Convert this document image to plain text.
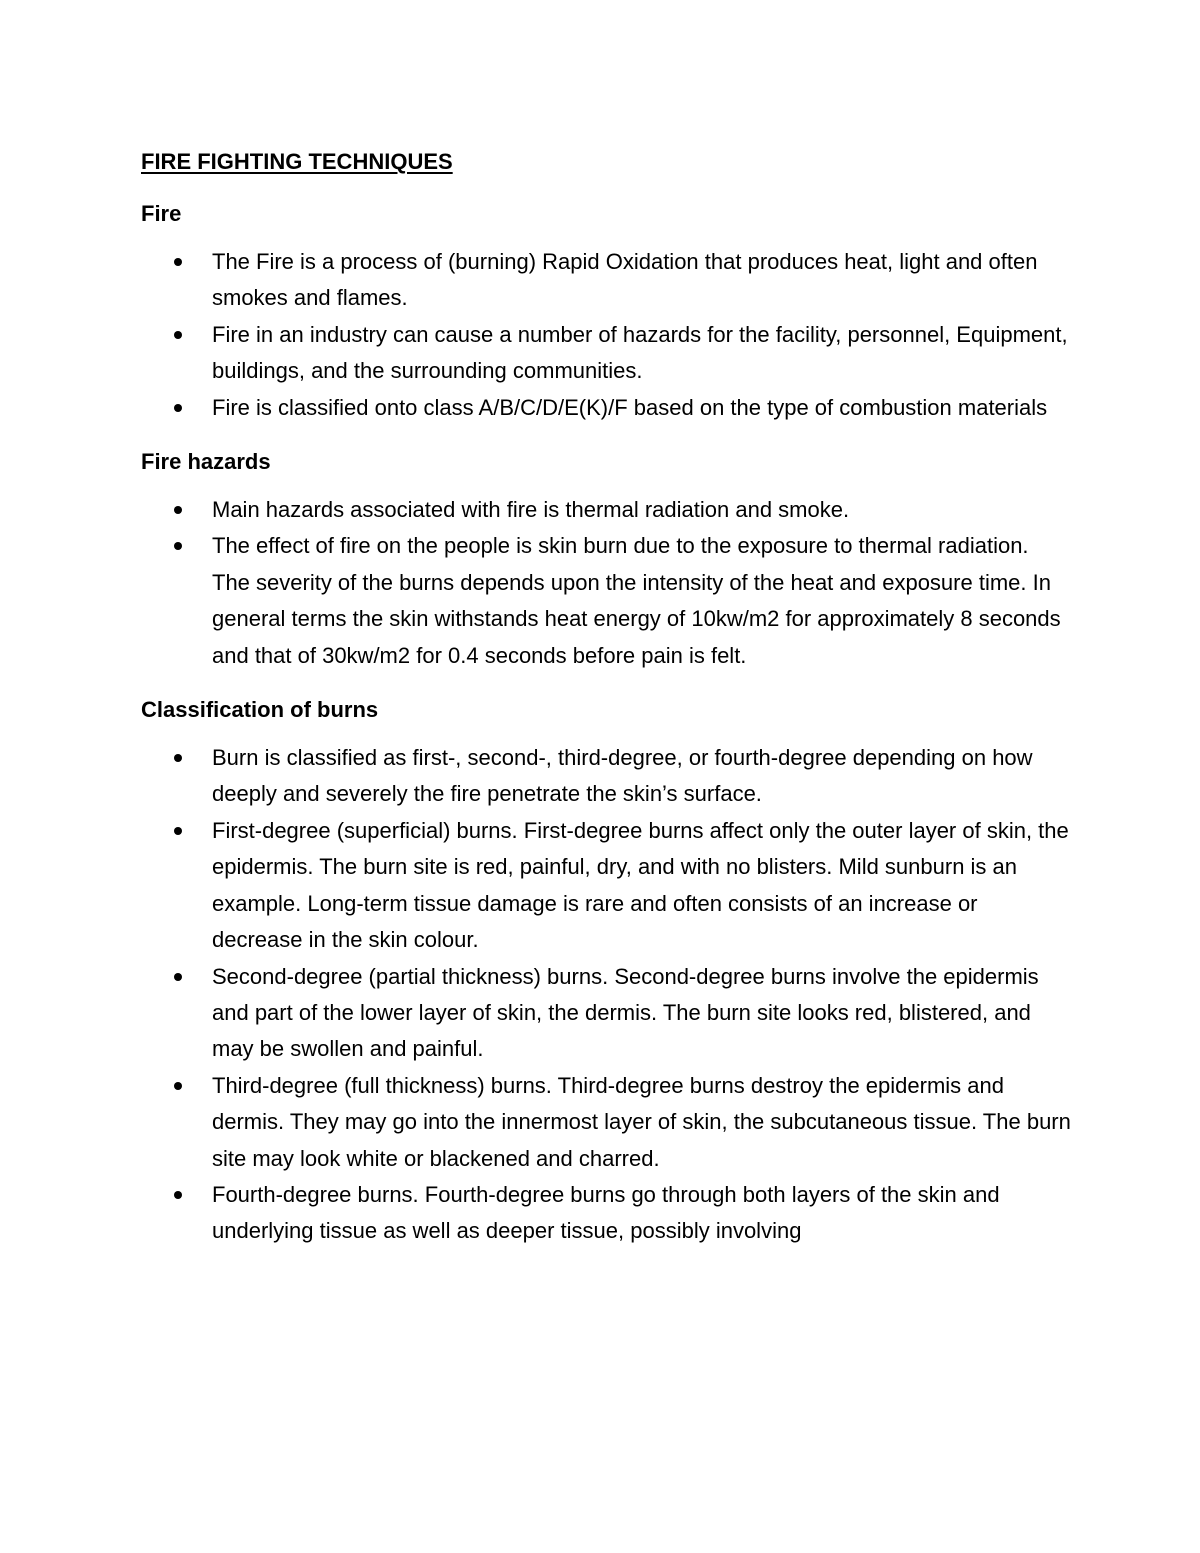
FIRE FIGHTING TECHNIQUES
Fire
The Fire is a process of (burning) Rapid Oxidation that produces heat, light and often smokes and flames.
Fire in an industry can cause a number of hazards for the facility, personnel, Equipment, buildings, and the surrounding communities.
Fire is classified onto class A/B/C/D/E(K)/F based on the type of combustion materials
Fire hazards
Main hazards associated with fire is thermal radiation and smoke.
The effect of fire on the people is skin burn due to the exposure to thermal radiation. The severity of the burns depends upon the intensity of the heat and exposure time. In general terms the skin withstands heat energy of 10kw/m2 for approximately 8 seconds and that of 30kw/m2 for 0.4 seconds before pain is felt.
Classification of burns
Burn is classified as first-, second-, third-degree, or fourth-degree depending on how deeply and severely the fire penetrate the skin’s surface.
First-degree (superficial) burns. First-degree burns affect only the outer layer of skin, the epidermis. The burn site is red, painful, dry, and with no blisters. Mild sunburn is an example. Long-term tissue damage is rare and often consists of an increase or decrease in the skin colour.
Second-degree (partial thickness) burns. Second-degree burns involve the epidermis and part of the lower layer of skin, the dermis. The burn site looks red, blistered, and may be swollen and painful.
Third-degree (full thickness) burns. Third-degree burns destroy the epidermis and dermis. They may go into the innermost layer of skin, the subcutaneous tissue. The burn site may look white or blackened and charred.
Fourth-degree burns. Fourth-degree burns go through both layers of the skin and underlying tissue as well as deeper tissue, possibly involving
